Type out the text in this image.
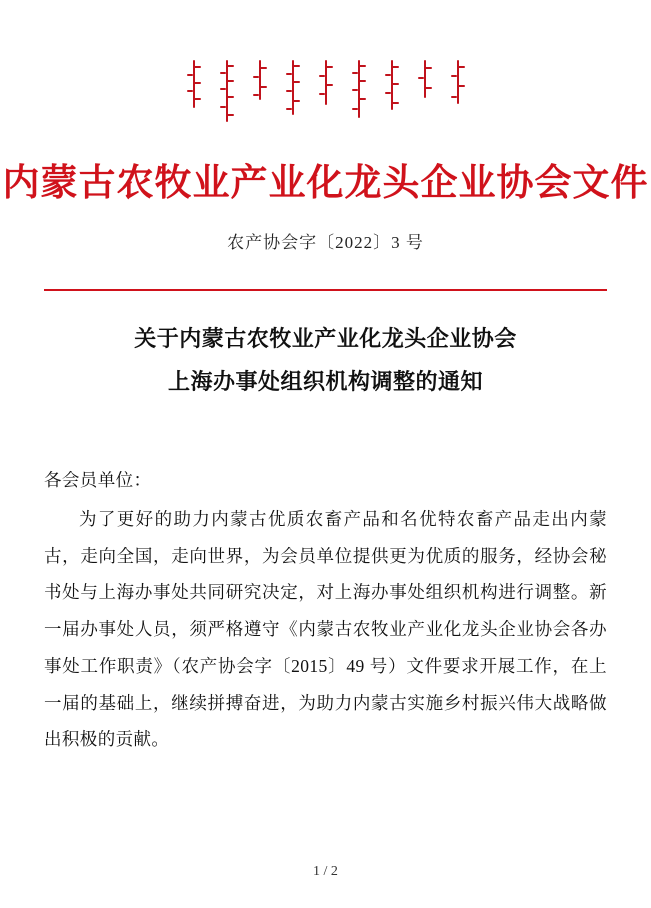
内蒙古农牧业产业化龙头企业协会文件
农产协会字〔2022〕3 号
关于内蒙古农牧业产业化龙头企业协会
上海办事处组织机构调整的通知

各会员单位：

为了更好的助力内蒙古优质农畜产品和名优特农畜产品走出内蒙古，走向全国，走向世界，为会员单位提供更为优质的服务，经协会秘书处与上海办事处共同研究决定，对上海办事处组织机构进行调整。新一届办事处人员，须严格遵守《内蒙古农牧业产业化龙头企业协会各办事处工作职责》（农产协会字〔2015〕49 号）文件要求开展工作，在上一届的基础上，继续拼搏奋进，为助力内蒙古实施乡村振兴伟大战略做出积极的贡献。

1 / 2
